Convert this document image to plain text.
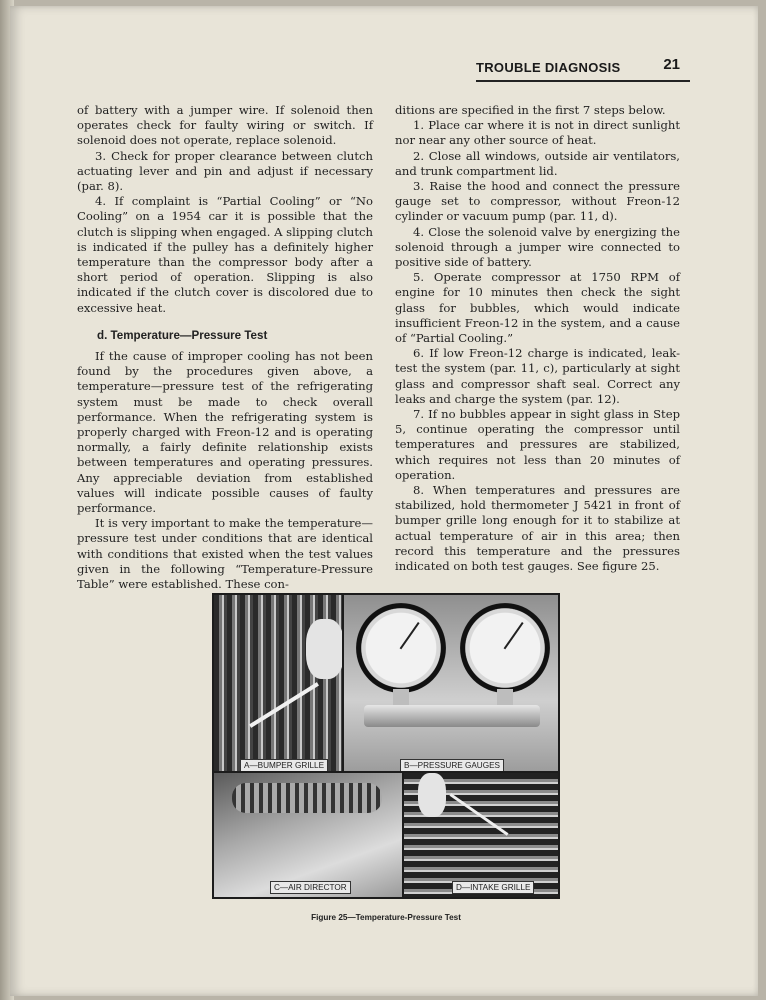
TROUBLE DIAGNOSIS	21

of battery with a jumper wire. If solenoid then operates check for faulty wiring or switch. If solenoid does not operate, replace solenoid.

3. Check for proper clearance between clutch actuating lever and pin and adjust if necessary (par. 8).

4. If complaint is “Partial Cooling” or “No Cooling” on a 1954 car it is possible that the clutch is slipping when engaged. A slipping clutch is indicated if the pulley has a definitely higher temperature than the compressor body after a short period of operation. Slipping is also indicated if the clutch cover is discolored due to excessive heat.

d. Temperature—Pressure Test

If the cause of improper cooling has not been found by the procedures given above, a temperature—pressure test of the refrigerating system must be made to check overall performance. When the refrigerating system is properly charged with Freon-12 and is operating normally, a fairly definite relationship exists between temperatures and operating pressures. Any appreciable deviation from established values will indicate possible causes of faulty performance.

It is very important to make the temperature—pressure test under conditions that are identical with conditions that existed when the test values given in the following “Temperature-Pressure Table” were established. These con-

ditions are specified in the first 7 steps below.

1. Place car where it is not in direct sunlight nor near any other source of heat.

2. Close all windows, outside air ventilators, and trunk compartment lid.

3. Raise the hood and connect the pressure gauge set to compressor, without Freon-12 cylinder or vacuum pump (par. 11, d).

4. Close the solenoid valve by energizing the solenoid through a jumper wire connected to positive side of battery.

5. Operate compressor at 1750 RPM of engine for 10 minutes then check the sight glass for bubbles, which would indicate insufficient Freon-12 in the system, and a cause of “Partial Cooling.”

6. If low Freon-12 charge is indicated, leak-test the system (par. 11, c), particularly at sight glass and compressor shaft seal. Correct any leaks and charge the system (par. 12).

7. If no bubbles appear in sight glass in Step 5, continue operating the compressor until temperatures and pressures are stabilized, which requires not less than 20 minutes of operation.

8. When temperatures and pressures are stabilized, hold thermometer J 5421 in front of bumper grille long enough for it to stabilize at actual temperature of air in this area; then record this temperature and the pressures indicated on both test gauges. See figure 25.

A—BUMPER GRILLE	B—PRESSURE GAUGES
C—AIR DIRECTOR	D—INTAKE GRILLE
Figure 25—Temperature-Pressure Test
